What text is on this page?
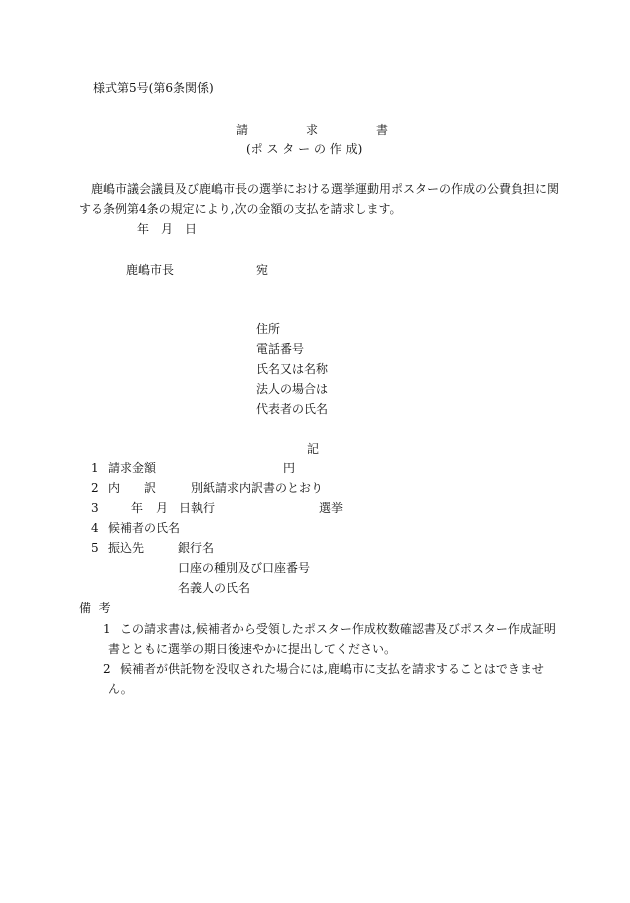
様式第5号(第6条関係)
請	求	書
(ポ ス タ ー の 作 成)
鹿嶋市議会議員及び鹿嶋市長の選挙における選挙運動用ポスターの作成の公費負担に関
する条例第4条の規定により,次の金額の支払を請求します。
年 月 日
鹿嶋市長	宛
住所
電話番号
氏名又は名称
法人の場合は
代表者の氏名
記
1 請求金額	円
2 内 訳	別紙請求内訳書のとおり
3	年 月 日執行	選挙
4 候補者の氏名
5 振込先	銀行名
口座の種別及び口座番号
名義人の氏名
備  考
1 この請求書は,候補者から受領したポスター作成枚数確認書及びポスター作成証明
書とともに選挙の期日後速やかに提出してください。
2 候補者が供託物を没収された場合には,鹿嶋市に支払を請求することはできませ
ん。
